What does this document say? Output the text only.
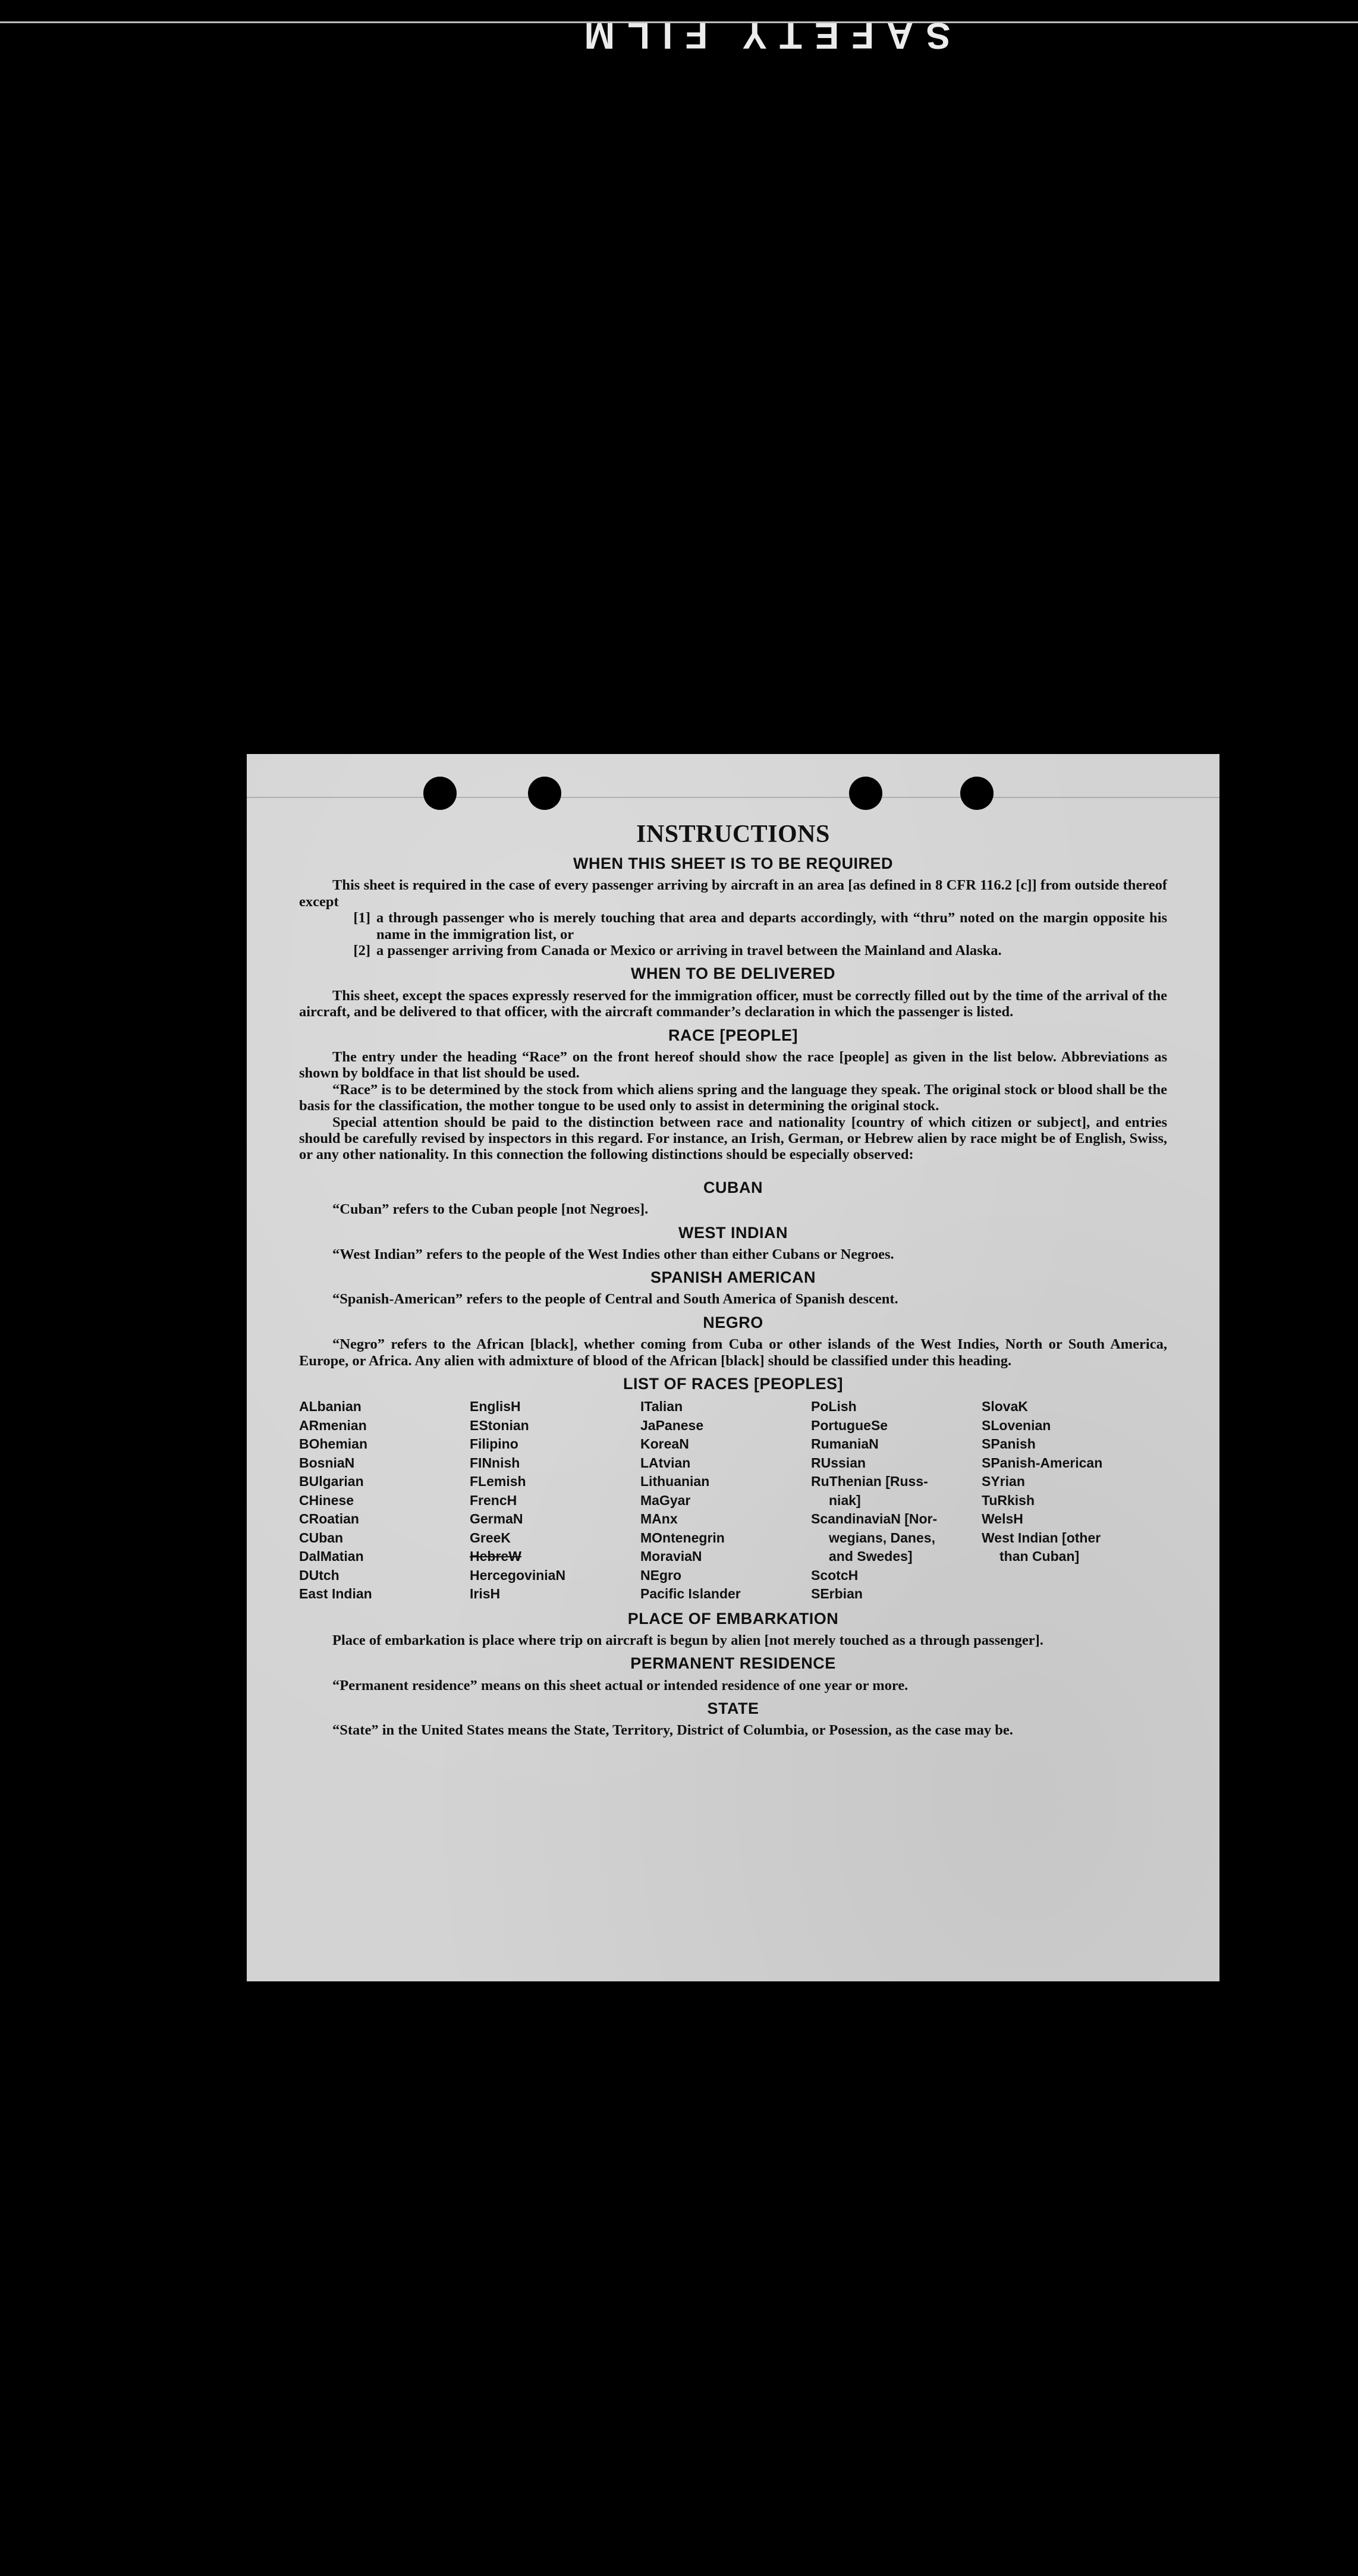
SAFETY FILM
INSTRUCTIONS
WHEN THIS SHEET IS TO BE REQUIRED

This sheet is required in the case of every passenger arriving by aircraft in an area [as defined in 8 CFR 116.2 [c]] from outside thereof except

[1] a through passenger who is merely touching that area and departs accordingly, with “thru” noted on the margin opposite his name in the immigration list, or
[2] a passenger arriving from Canada or Mexico or arriving in travel between the Mainland and Alaska.
WHEN TO BE DELIVERED

This sheet, except the spaces expressly reserved for the immigration officer, must be correctly filled out by the time of the arrival of the aircraft, and be delivered to that officer, with the aircraft commander’s declaration in which the passenger is listed.

RACE [PEOPLE]

The entry under the heading “Race” on the front hereof should show the race [people] as given in the list below. Abbreviations as shown by boldface in that list should be used.

“Race” is to be determined by the stock from which aliens spring and the language they speak. The original stock or blood shall be the basis for the classification, the mother tongue to be used only to assist in determining the original stock.

Special attention should be paid to the distinction between race and nationality [country of which citizen or subject], and entries should be carefully revised by inspectors in this regard. For instance, an Irish, German, or Hebrew alien by race might be of English, Swiss, or any other nationality. In this connection the following distinctions should be especially observed:

CUBAN

“Cuban” refers to the Cuban people [not Negroes].

WEST INDIAN

“West Indian” refers to the people of the West Indies other than either Cubans or Negroes.

SPANISH AMERICAN

“Spanish-American” refers to the people of Central and South America of Spanish descent.

NEGRO

“Negro” refers to the African [black], whether coming from Cuba or other islands of the West Indies, North or South America, Europe, or Africa. Any alien with admixture of blood of the African [black] should be classified under this heading.

LIST OF RACES [PEOPLES]
ALbanian
ARmenian
BOhemian
BosniaN
BUlgarian
CHinese
CRoatian
CUban
DalMatian
DUtch
East Indian
EnglisH
EStonian
Filipino
FINnish
FLemish
FrencH
GermaN
GreeK
HebreW
HercegoviniaN
IrisH
ITalian
JaPanese
KoreaN
LAtvian
Lithuanian
MaGyar
MAnx
MOntenegrin
MoraviaN
NEgro
Pacific Islander
PoLish
PortugueSe
RumaniaN
RUssian
RuThenian [Russ-
niak]
ScandinaviaN [Nor-
wegians, Danes,
and Swedes]
ScotcH
SErbian
SlovaK
SLovenian
SPanish
SPanish-American
SYrian
TuRkish
WelsH
West Indian [other
than Cuban]
PLACE OF EMBARKATION

Place of embarkation is place where trip on aircraft is begun by alien [not merely touched as a through passenger].

PERMANENT RESIDENCE

“Permanent residence” means on this sheet actual or intended residence of one year or more.

STATE

“State” in the United States means the State, Territory, District of Columbia, or Posession, as the case may be.
